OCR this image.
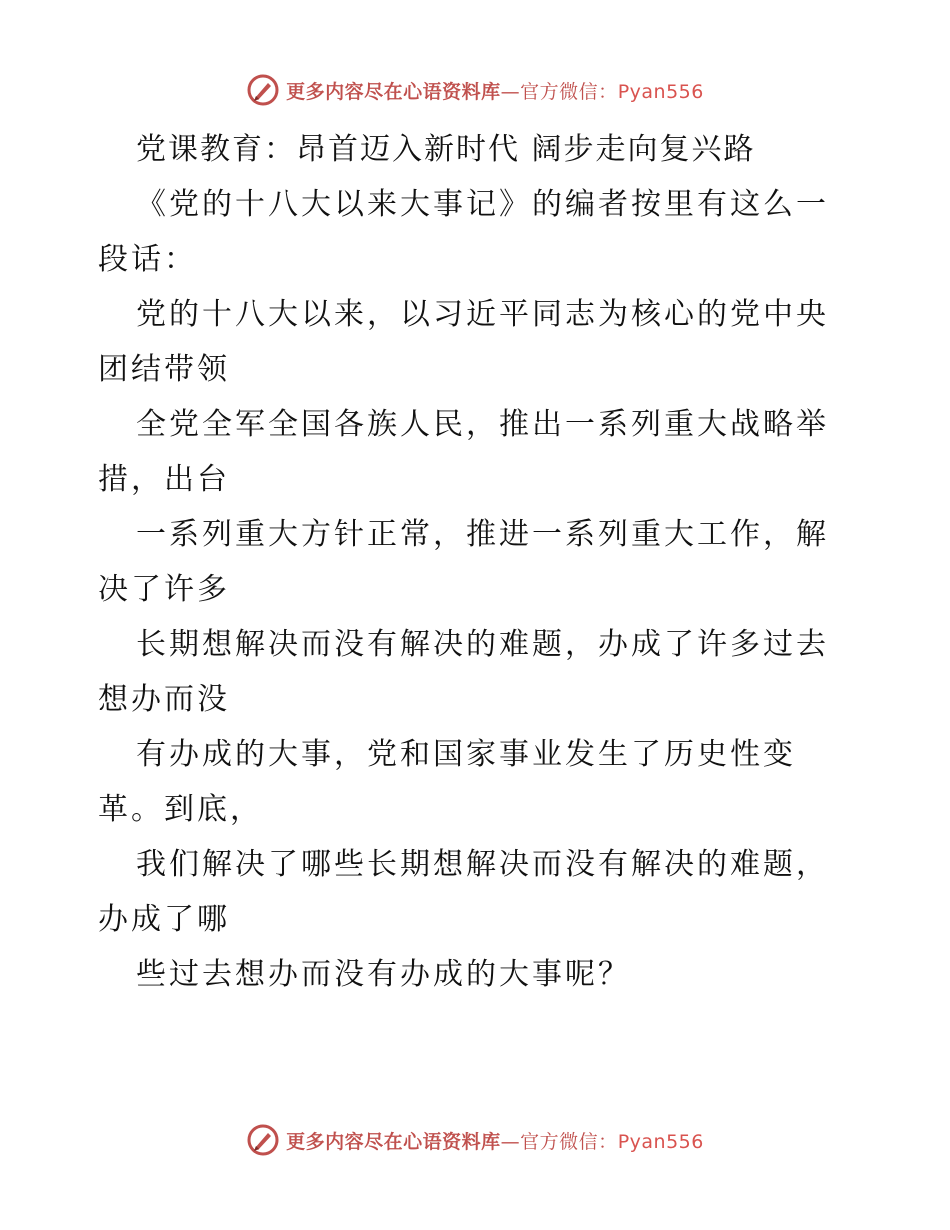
更多内容尽在心语资料库—官方微信：Pyan556
党课教育：昂首迈入新时代 阔步走向复兴路
《党的十八大以来大事记》的编者按里有这么一
段话：
党的十八大以来，以习近平同志为核心的党中央
团结带领
全党全军全国各族人民，推出一系列重大战略举
措，出台
一系列重大方针正常，推进一系列重大工作，解
决了许多
长期想解决而没有解决的难题，办成了许多过去
想办而没
有办成的大事，党和国家事业发生了历史性变
革。到底，
我们解决了哪些长期想解决而没有解决的难题，
办成了哪
些过去想办而没有办成的大事呢？
更多内容尽在心语资料库—官方微信：Pyan556
